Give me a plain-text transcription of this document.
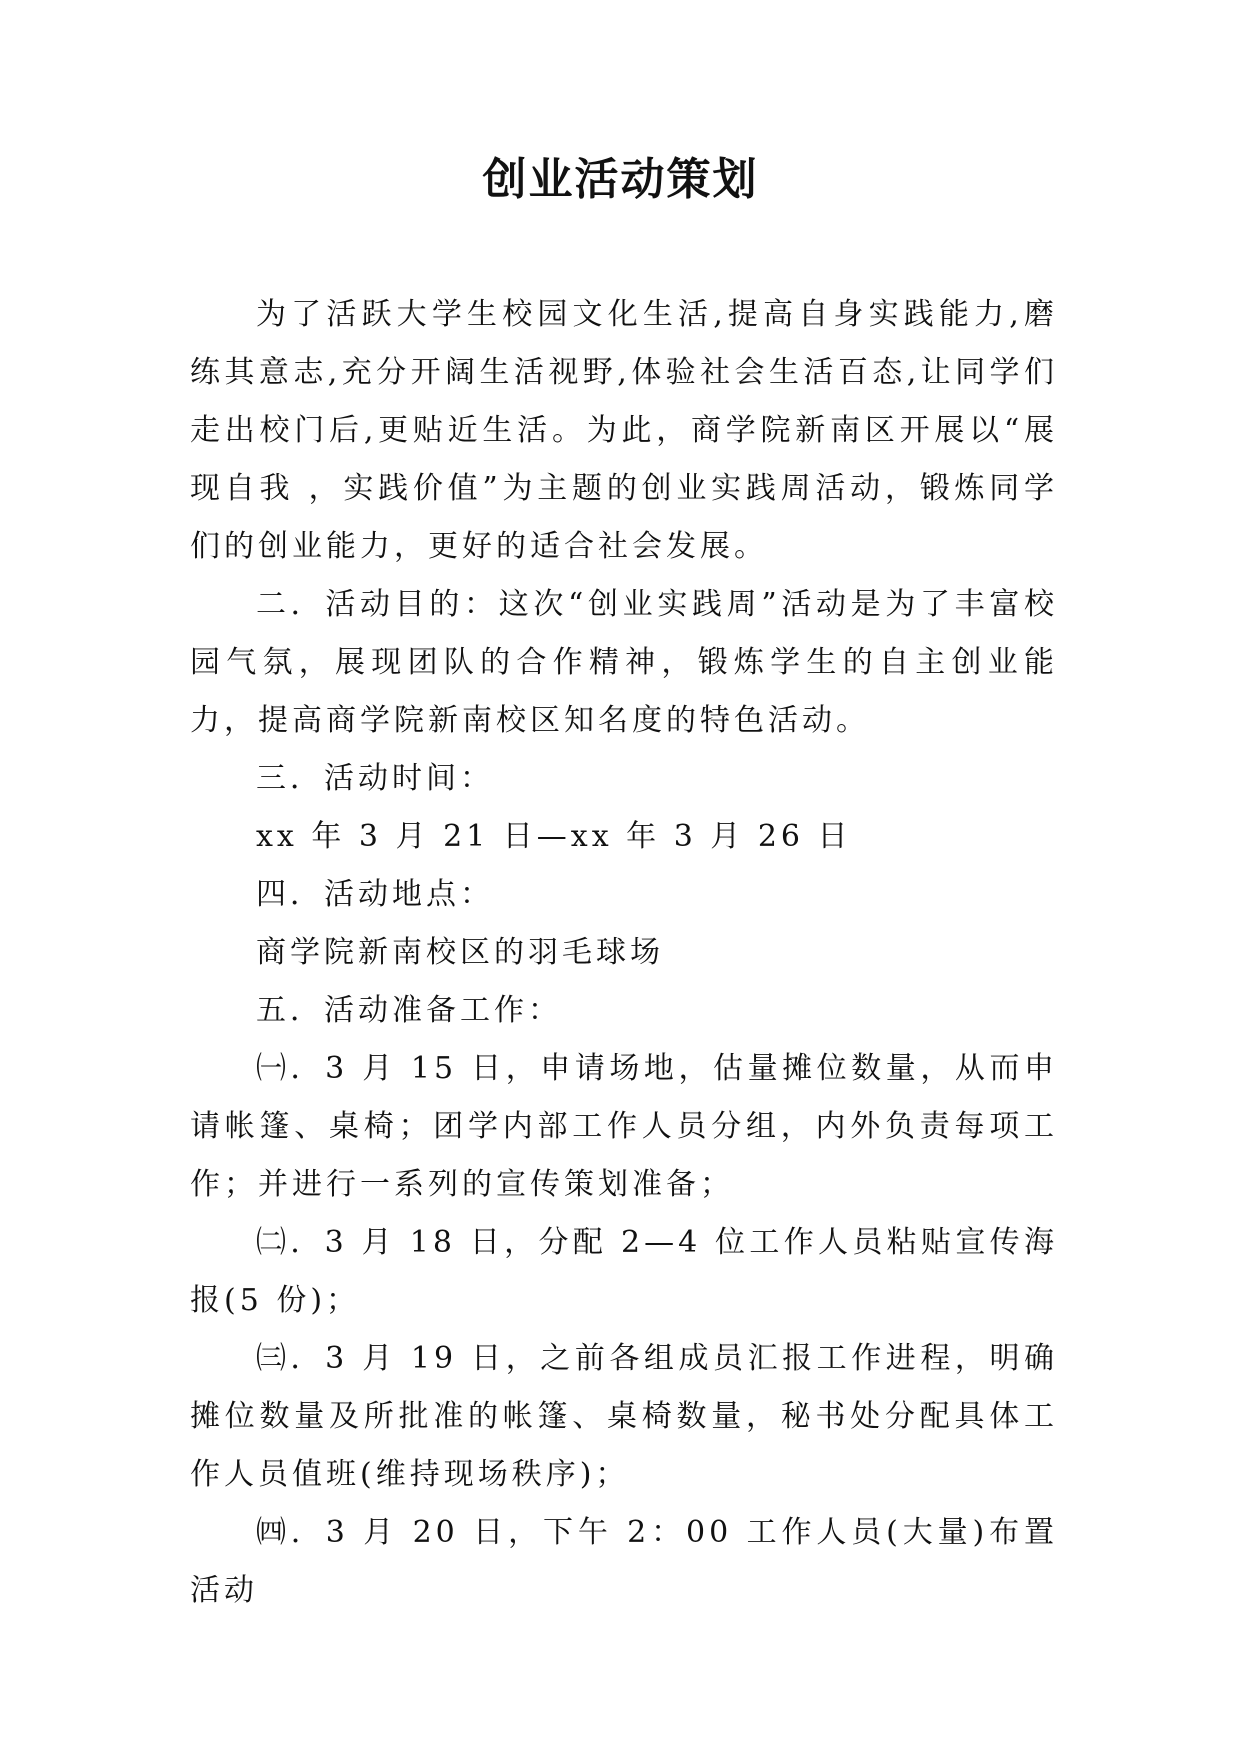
创业活动策划

为了活跃大学生校园文化生活,提高自身实践能力,磨练其意志,充分开阔生活视野,体验社会生活百态,让同学们走出校门后,更贴近生活。为此，商学院新南区开展以“展现自我 ，实践价值”为主题的创业实践周活动，锻炼同学们的创业能力，更好的适合社会发展。

二．活动目的：这次“创业实践周”活动是为了丰富校园气氛，展现团队的合作精神，锻炼学生的自主创业能力，提高商学院新南校区知名度的特色活动。

三．活动时间：

xx 年 3 月 21 日—xx 年 3 月 26 日

四．活动地点：

商学院新南校区的羽毛球场

五．活动准备工作：

㈠．3 月 15 日，申请场地，估量摊位数量，从而申请帐篷、桌椅；团学内部工作人员分组，内外负责每项工作；并进行一系列的宣传策划准备；

㈡．3 月 18 日，分配 2—4 位工作人员粘贴宣传海报(5 份)；

㈢．3 月 19 日，之前各组成员汇报工作进程，明确摊位数量及所批准的帐篷、桌椅数量，秘书处分配具体工作人员值班(维持现场秩序)；

㈣．3 月 20 日，下午 2：00 工作人员(大量)布置活动
